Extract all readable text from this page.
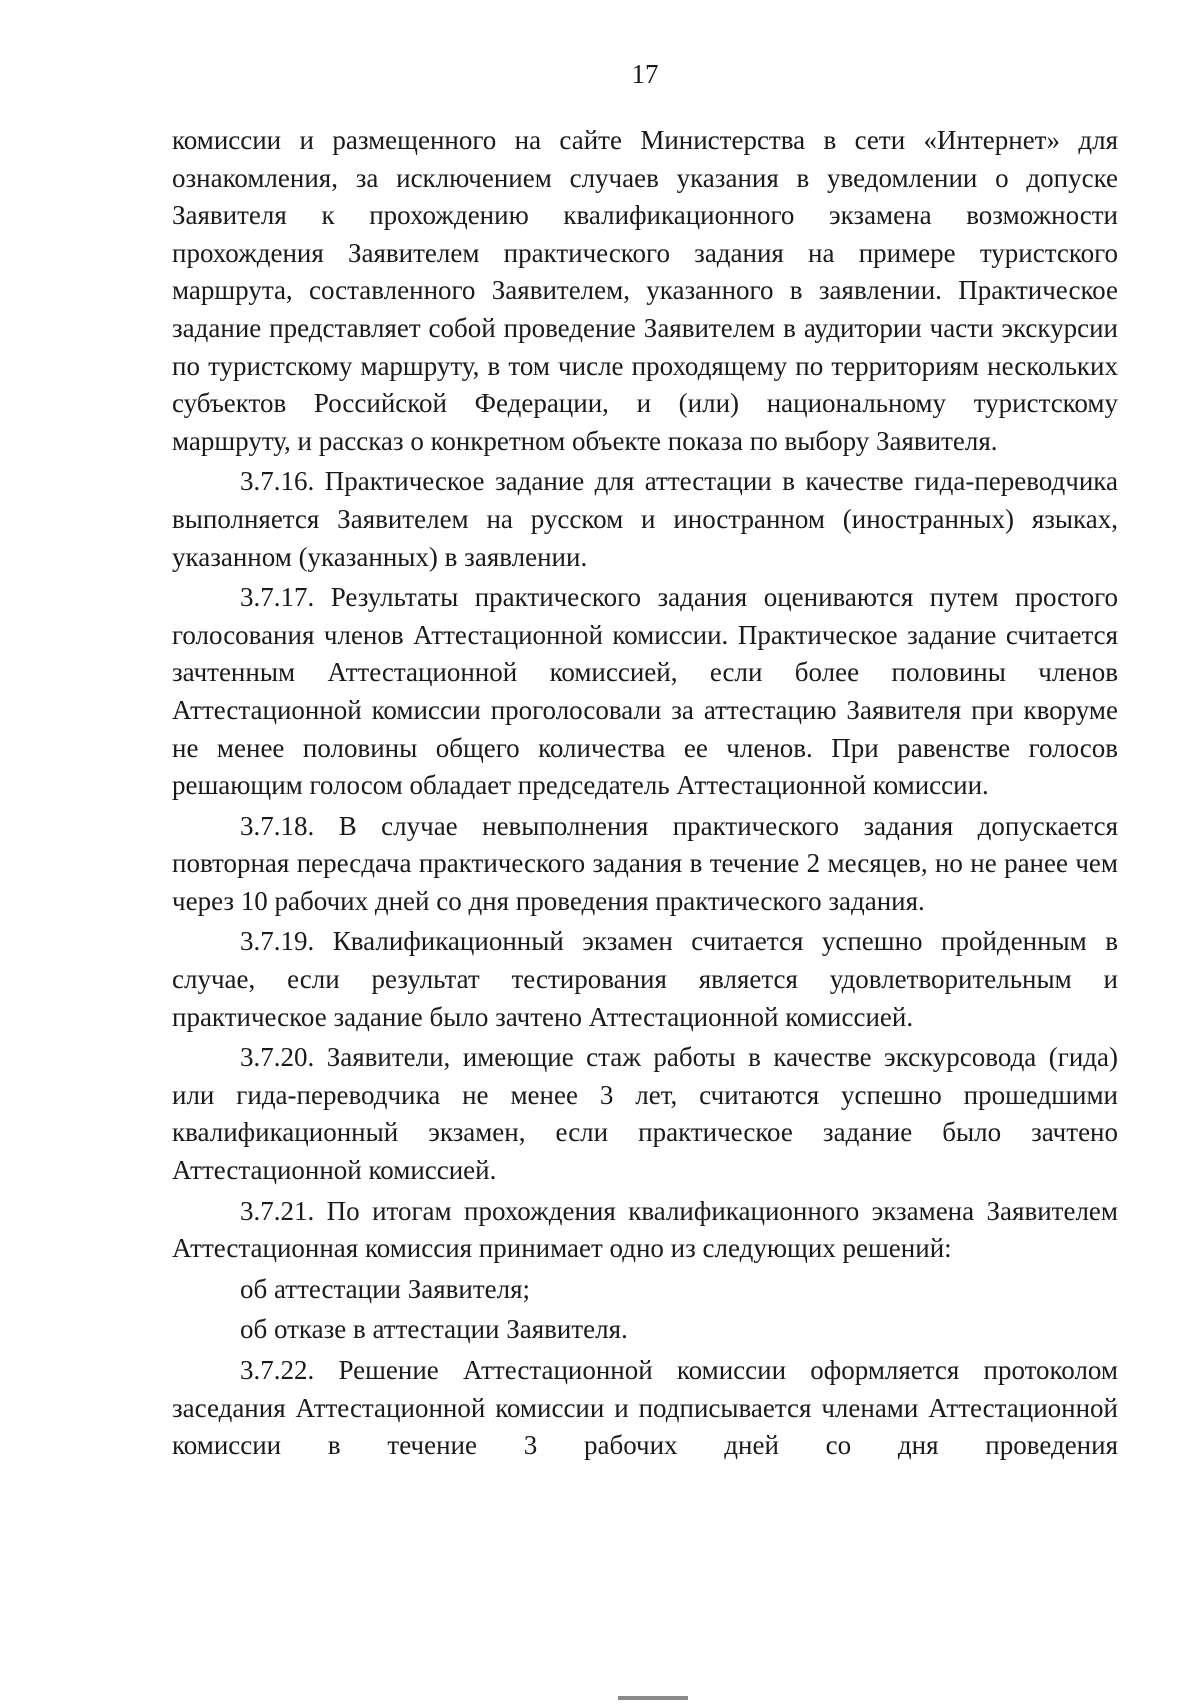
17

комиссии и размещенного на сайте Министерства в сети «Интернет» для ознакомления, за исключением случаев указания в уведомлении о допуске Заявителя к прохождению квалификационного экзамена возможности прохождения Заявителем практического задания на примере туристского маршрута, составленного Заявителем, указанного в заявлении. Практическое задание представляет собой проведение Заявителем в аудитории части экскурсии по туристскому маршруту, в том числе проходящему по территориям нескольких субъектов Российской Федерации, и (или) национальному туристскому маршруту, и рассказ о конкретном объекте показа по выбору Заявителя.

3.7.16. Практическое задание для аттестации в качестве гида-переводчика выполняется Заявителем на русском и иностранном (иностранных) языках, указанном (указанных) в заявлении.

3.7.17. Результаты практического задания оцениваются путем простого голосования членов Аттестационной комиссии. Практическое задание считается зачтенным Аттестационной комиссией, если более половины членов Аттестационной комиссии проголосовали за аттестацию Заявителя при кворуме не менее половины общего количества ее членов. При равенстве голосов решающим голосом обладает председатель Аттестационной комиссии.

3.7.18. В случае невыполнения практического задания допускается повторная пересдача практического задания в течение 2 месяцев, но не ранее чем через 10 рабочих дней со дня проведения практического задания.

3.7.19. Квалификационный экзамен считается успешно пройденным в случае, если результат тестирования является удовлетворительным и практическое задание было зачтено Аттестационной комиссией.

3.7.20. Заявители, имеющие стаж работы в качестве экскурсовода (гида) или гида-переводчика не менее 3 лет, считаются успешно прошедшими квалификационный экзамен, если практическое задание было зачтено Аттестационной комиссией.

3.7.21. По итогам прохождения квалификационного экзамена Заявителем Аттестационная комиссия принимает одно из следующих решений:

об аттестации Заявителя;

об отказе в аттестации Заявителя.

3.7.22. Решение Аттестационной комиссии оформляется протоколом заседания Аттестационной комиссии и подписывается членами Аттестационной комиссии в течение 3 рабочих дней со дня проведения
